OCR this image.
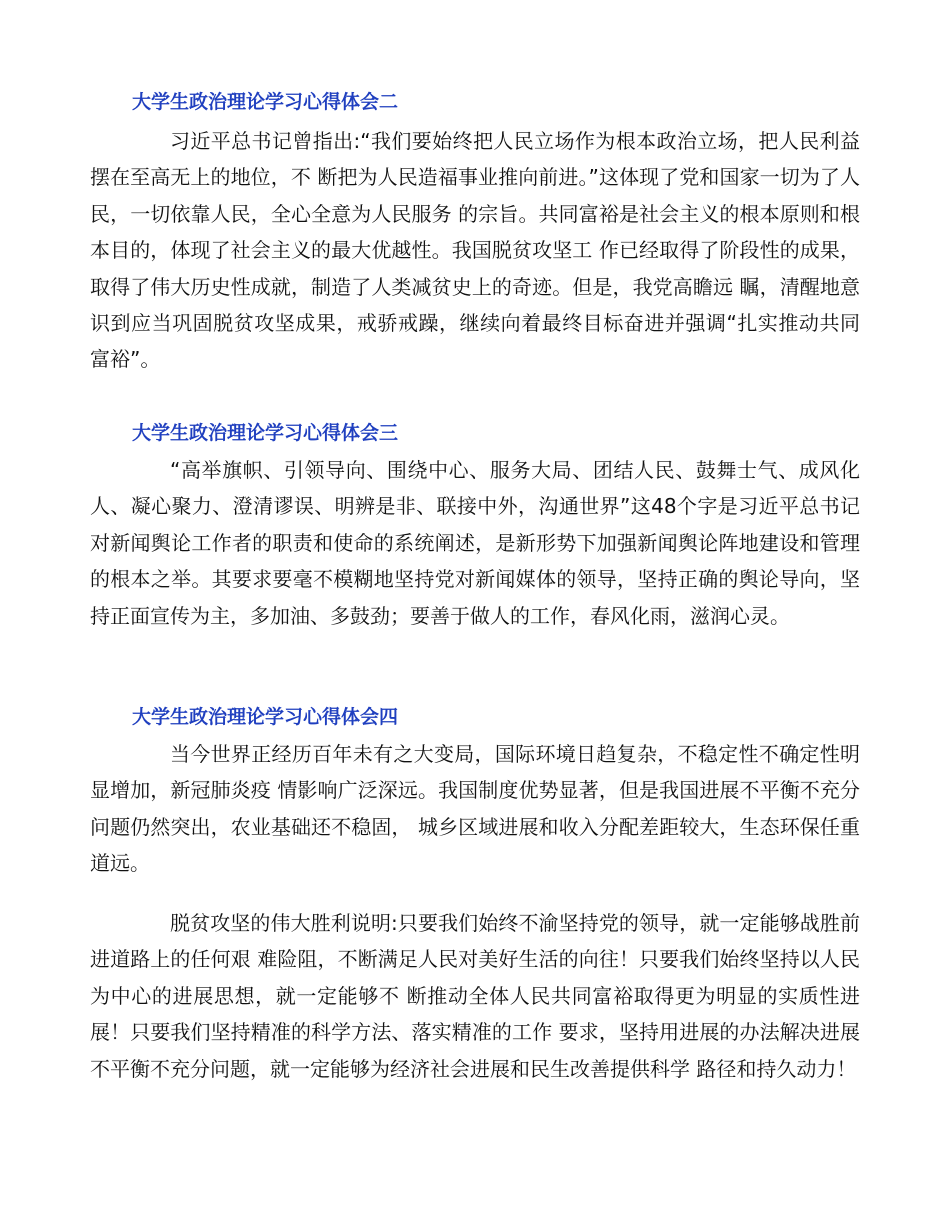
大学生政治理论学习心得体会二

习近平总书记曾指出:“我们要始终把人民立场作为根本政治立场，把人民利益摆在至高无上的地位，不 断把为人民造福事业推向前进。”这体现了党和国家一切为了人民，一切依靠人民，全心全意为人民服务 的宗旨。共同富裕是社会主义的根本原则和根本目的，体现了社会主义的最大优越性。我国脱贫攻坚工 作已经取得了阶段性的成果，取得了伟大历史性成就，制造了人类减贫史上的奇迹。但是，我党高瞻远 瞩，清醒地意识到应当巩固脱贫攻坚成果，戒骄戒躁，继续向着最终目标奋进并强调“扎实推动共同富裕”。

大学生政治理论学习心得体会三

“高举旗帜、引领导向、围绕中心、服务大局、团结人民、鼓舞士气、成风化人、凝心聚力、澄清谬误、明辨是非、联接中外，沟通世界”这48个字是习近平总书记对新闻舆论工作者的职责和使命的系统阐述，是新形势下加强新闻舆论阵地建设和管理的根本之举。其要求要毫不模糊地坚持党对新闻媒体的领导，坚持正确的舆论导向，坚持正面宣传为主，多加油、多鼓劲；要善于做人的工作，春风化雨，滋润心灵。

大学生政治理论学习心得体会四

当今世界正经历百年未有之大变局，国际环境日趋复杂，不稳定性不确定性明显增加，新冠肺炎疫 情影响广泛深远。我国制度优势显著，但是我国进展不平衡不充分问题仍然突出，农业基础还不稳固， 城乡区域进展和收入分配差距较大，生态环保任重道远。

脱贫攻坚的伟大胜利说明:只要我们始终不渝坚持党的领导，就一定能够战胜前进道路上的任何艰 难险阻，不断满足人民对美好生活的向往！只要我们始终坚持以人民为中心的进展思想，就一定能够不 断推动全体人民共同富裕取得更为明显的实质性进展！只要我们坚持精准的科学方法、落实精准的工作 要求，坚持用进展的办法解决进展不平衡不充分问题，就一定能够为经济社会进展和民生改善提供科学 路径和持久动力！
